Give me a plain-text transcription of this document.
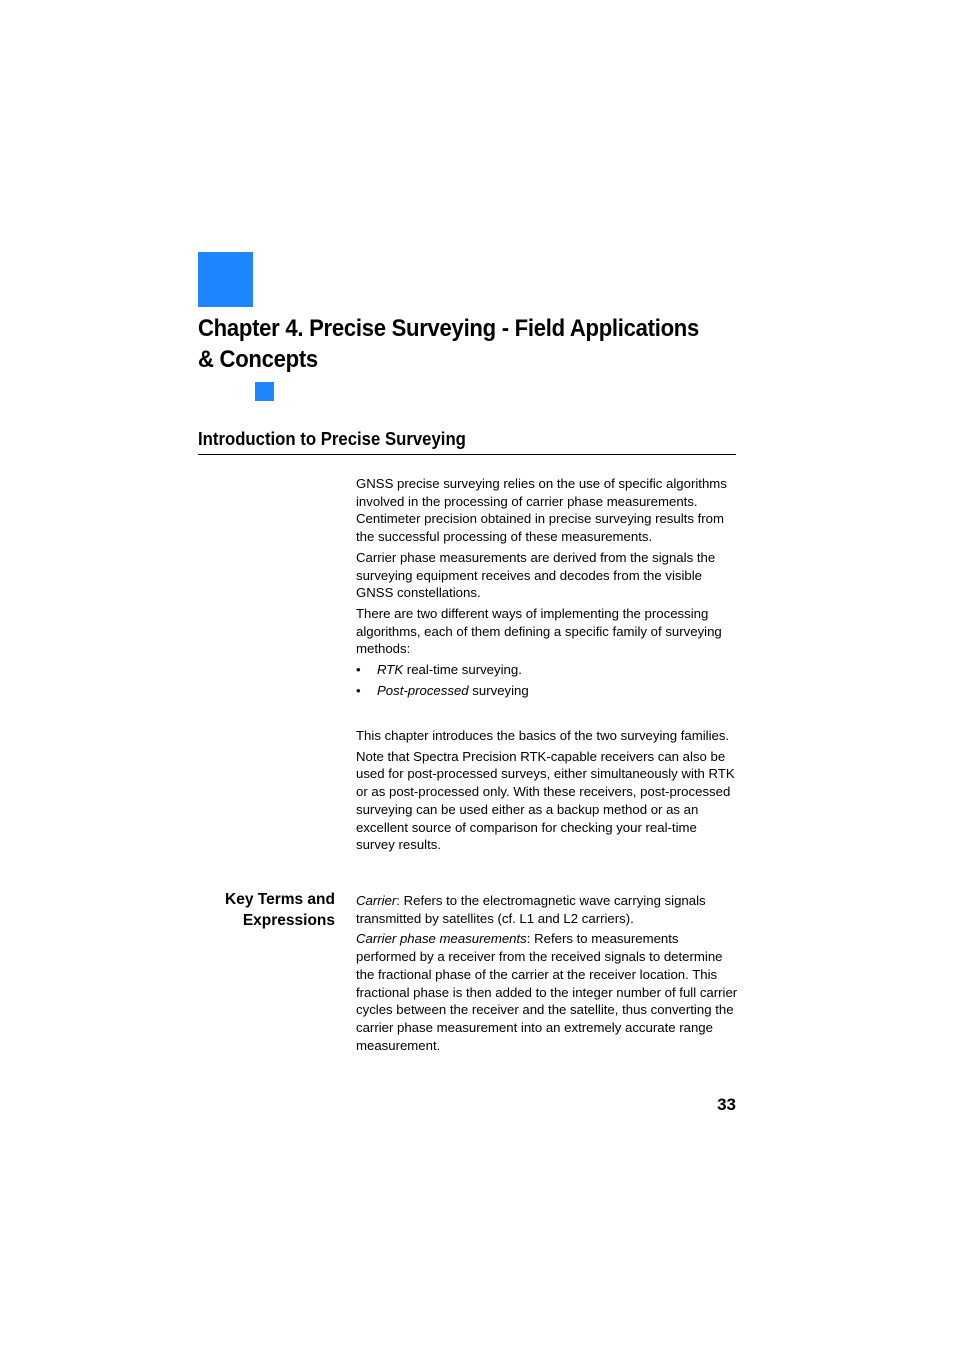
Chapter 4. Precise Surveying - Field Applications & Concepts
Introduction to Precise Surveying

GNSS precise surveying relies on the use of specific algorithms involved in the processing of carrier phase measurements. Centimeter precision obtained in precise surveying results from the successful processing of these measurements.

Carrier phase measurements are derived from the signals the surveying equipment receives and decodes from the visible GNSS constellations.

There are two different ways of implementing the processing algorithms, each of them defining a specific family of surveying methods:

• RTK real-time surveying.
• Post-processed surveying

This chapter introduces the basics of the two surveying families.

Note that Spectra Precision RTK-capable receivers can also be used for post-processed surveys, either simultaneously with RTK or as post-processed only. With these receivers, post-processed surveying can be used either as a backup method or as an excellent source of comparison for checking your real-time survey results.

Key Terms and
Expressions

Carrier: Refers to the electromagnetic wave carrying signals transmitted by satellites (cf. L1 and L2 carriers).

Carrier phase measurements: Refers to measurements performed by a receiver from the received signals to determine the fractional phase of the carrier at the receiver location. This fractional phase is then added to the integer number of full carrier cycles between the receiver and the satellite, thus converting the carrier phase measurement into an extremely accurate range measurement.

33
